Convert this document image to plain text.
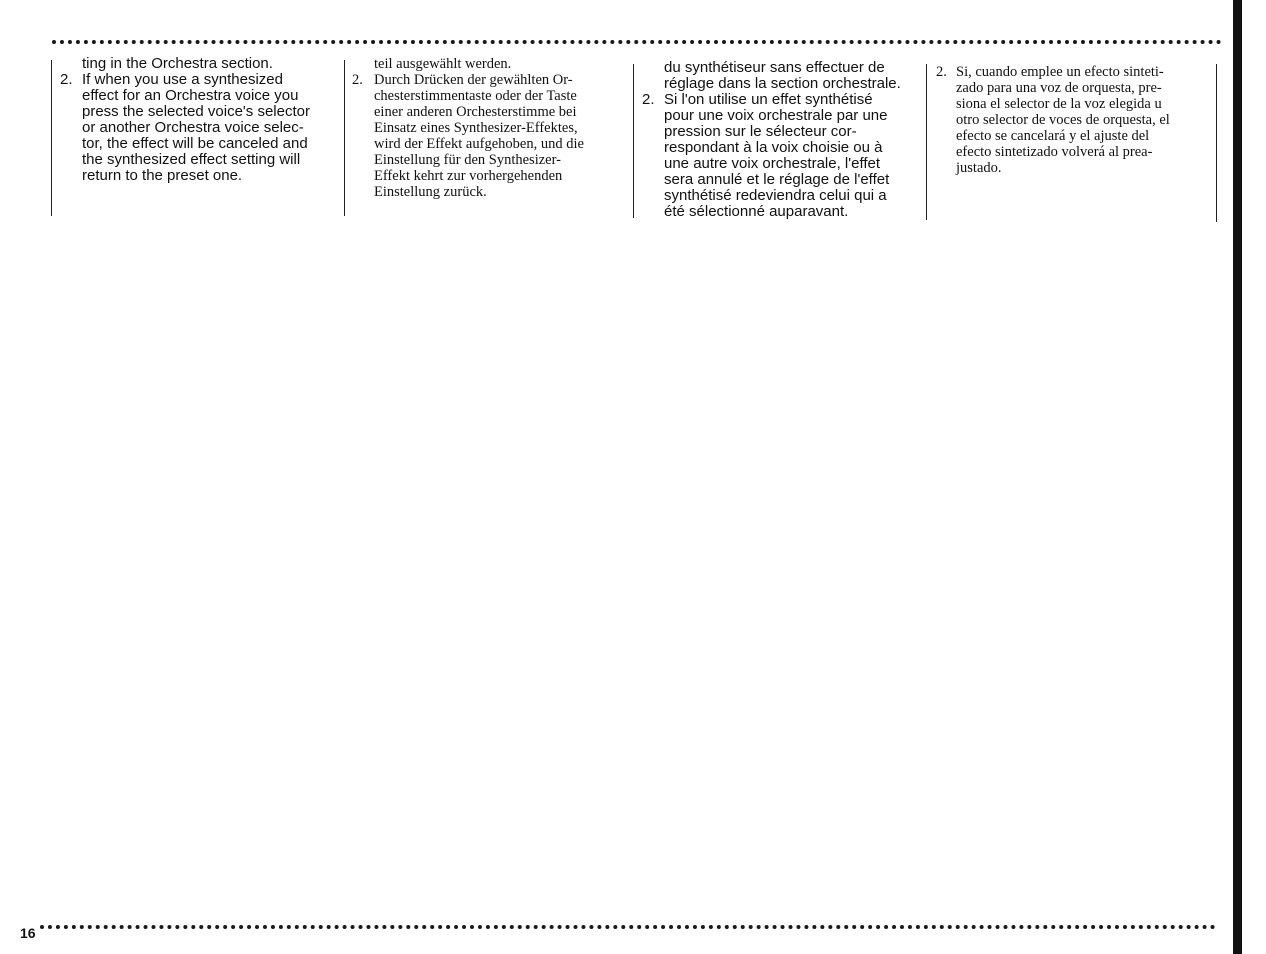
ting in the Orchestra section.

2. If when you use a synthesized
effect for an Orchestra voice you
press the selected voice's selector
or another Orchestra voice selec-
tor, the effect will be canceled and
the synthesized effect setting will
return to the preset one.

teil ausgewählt werden.

2. Durch Drücken der gewählten Or-
chesterstimmentaste oder der Taste
einer anderen Orchesterstimme bei
Einsatz eines Synthesizer-Effektes,
wird der Effekt aufgehoben, und die
Einstellung für den Synthesizer-
Effekt kehrt zur vorhergehenden
Einstellung zurück.
du synthétiseur sans effectuer de
réglage dans la section orchestrale.
2. Si l'on utilise un effet synthétisé
pour une voix orchestrale par une
pression sur le sélecteur cor-
respondant à la voix choisie ou à
une autre voix orchestrale, l'effet
sera annulé et le réglage de l'effet
synthétisé redeviendra celui qui a
été sélectionné auparavant.
2. Si, cuando emplee un efecto sinteti-
zado para una voz de orquesta, pre-
siona el selector de la voz elegida u
otro selector de voces de orquesta, el
efecto se cancelará y el ajuste del
efecto sintetizado volverá al prea-
justado.
16
